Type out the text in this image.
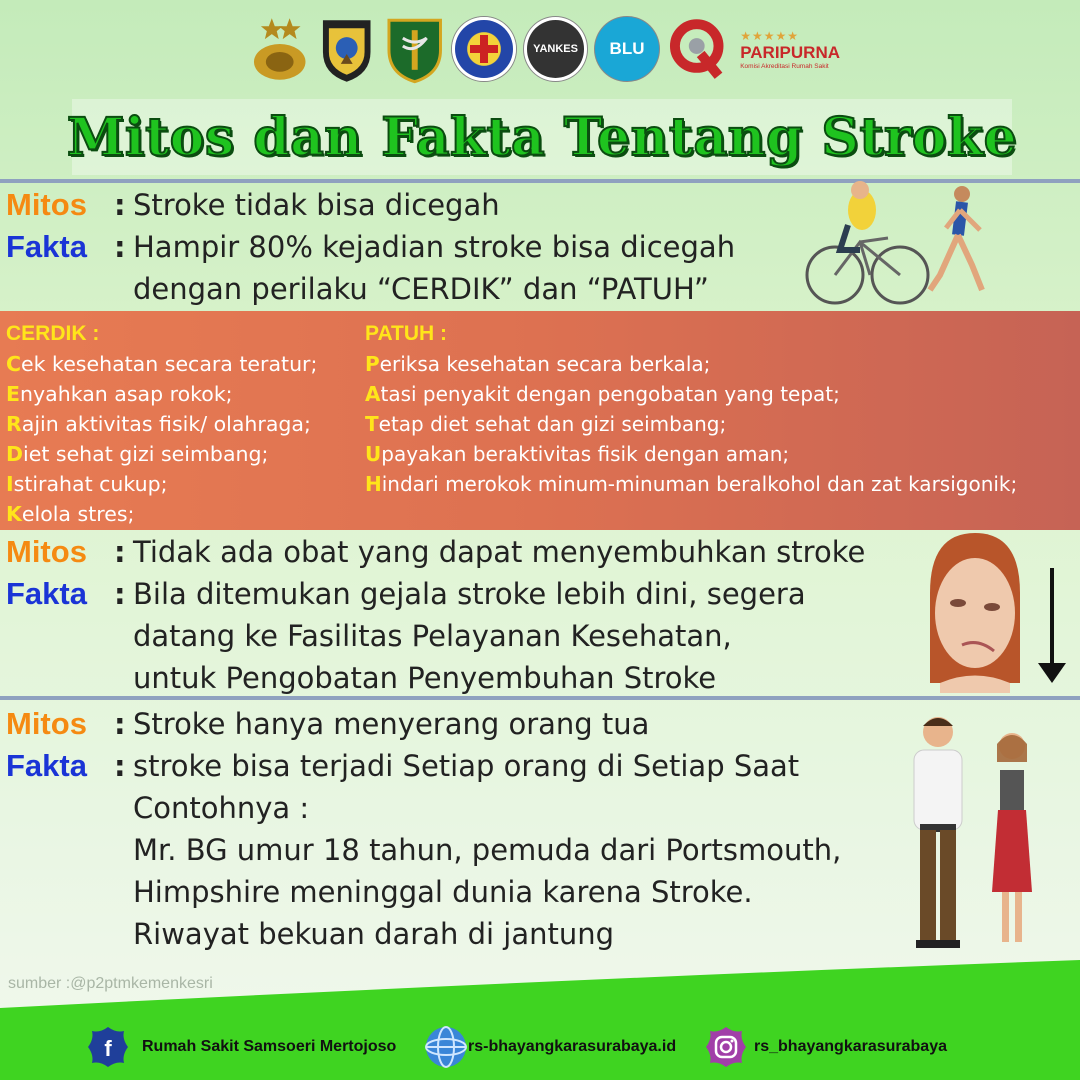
YANKES BLU
★★★★★
PARIPURNA
Komisi Akreditasi Rumah Sakit
Mitos dan Fakta Tentang Stroke
Mitos : Stroke tidak bisa dicegah
Fakta : Hampir 80% kejadian stroke bisa dicegah
dengan perilaku “CERDIK” dan “PATUH”
CERDIK :
Cek kesehatan secara teratur;
Enyahkan asap rokok;
Rajin aktivitas fisik/ olahraga;
Diet sehat gizi seimbang;
Istirahat cukup;
Kelola stres;
PATUH :
Periksa kesehatan secara berkala;
Atasi penyakit dengan pengobatan yang tepat;
Tetap diet sehat dan gizi seimbang;
Upayakan beraktivitas fisik dengan aman;
Hindari merokok minum-minuman beralkohol dan zat karsigonik;
Mitos : Tidak ada obat yang dapat menyembuhkan stroke
Fakta : Bila ditemukan gejala stroke lebih dini, segera
datang ke Fasilitas Pelayanan Kesehatan,
untuk Pengobatan Penyembuhan Stroke
Mitos : Stroke hanya menyerang orang tua
Fakta : stroke bisa terjadi Setiap orang di Setiap Saat
Contohnya :
Mr. BG umur 18 tahun, pemuda dari Portsmouth,
Himpshire meninggal dunia karena Stroke.
Riwayat bekuan darah di jantung
sumber :@p2ptmkemenkesri
f Rumah Sakit Samsoeri Mertojoso	rs-bhayangkarasurabaya.id	rs_bhayangkarasurabaya
